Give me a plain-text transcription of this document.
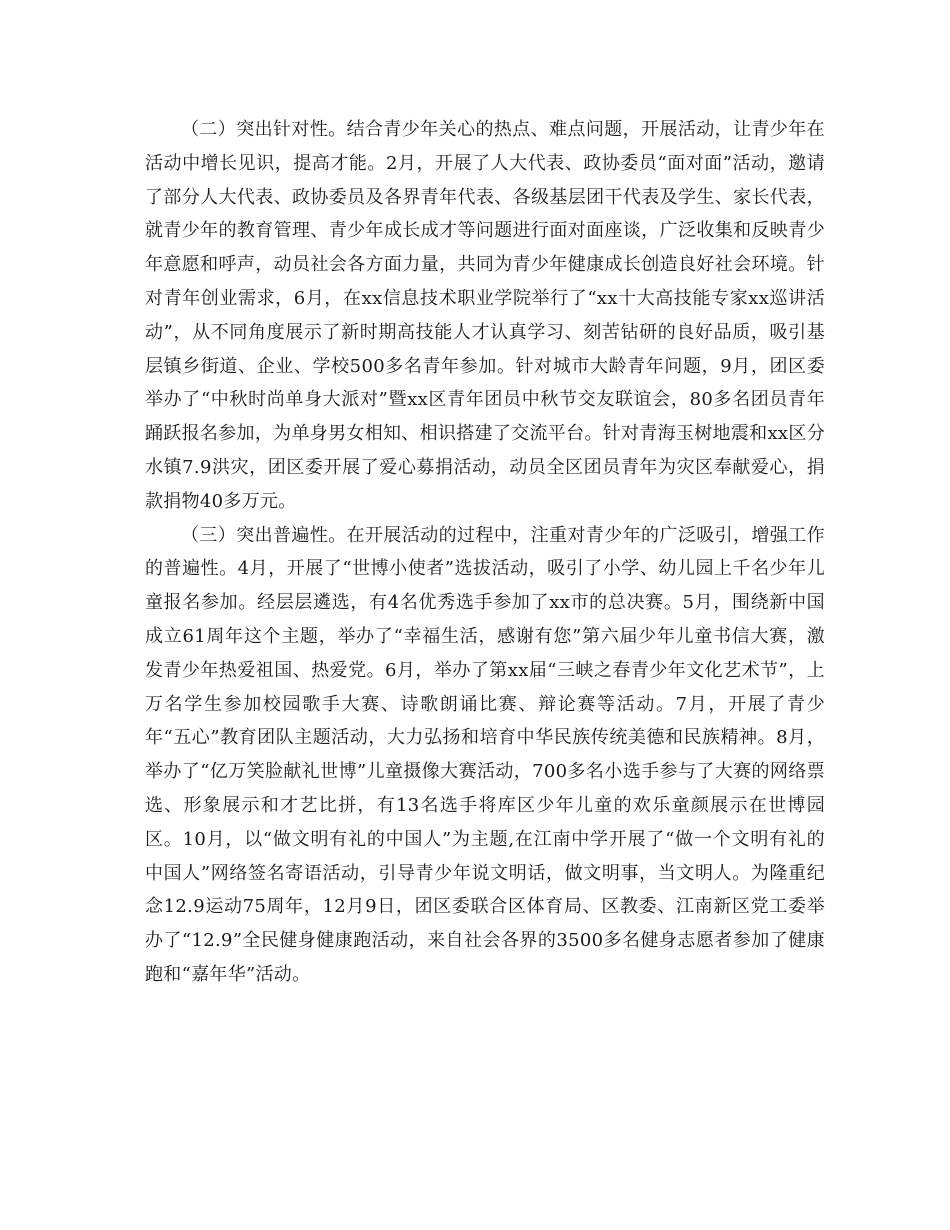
（二）突出针对性。结合青少年关心的热点、难点问题，开展活动，让青少年在活动中增长见识，提高才能。2月，开展了人大代表、政协委员“面对面”活动，邀请了部分人大代表、政协委员及各界青年代表、各级基层团干代表及学生、家长代表，就青少年的教育管理、青少年成长成才等问题进行面对面座谈，广泛收集和反映青少年意愿和呼声，动员社会各方面力量，共同为青少年健康成长创造良好社会环境。针对青年创业需求，6月，在xx信息技术职业学院举行了“xx十大高技能专家xx巡讲活动”，从不同角度展示了新时期高技能人才认真学习、刻苦钻研的良好品质，吸引基层镇乡街道、企业、学校500多名青年参加。针对城市大龄青年问题，9月，团区委举办了“中秋时尚单身大派对”暨xx区青年团员中秋节交友联谊会，80多名团员青年踊跃报名参加，为单身男女相知、相识搭建了交流平台。针对青海玉树地震和xx区分水镇7.9洪灾，团区委开展了爱心募捐活动，动员全区团员青年为灾区奉献爱心，捐款捐物40多万元。

（三）突出普遍性。在开展活动的过程中，注重对青少年的广泛吸引，增强工作的普遍性。4月，开展了“世博小使者”选拔活动，吸引了小学、幼儿园上千名少年儿童报名参加。经层层遴选，有4名优秀选手参加了xx市的总决赛。5月，围绕新中国成立61周年这个主题，举办了“幸福生活，感谢有您”第六届少年儿童书信大赛，激发青少年热爱祖国、热爱党。6月，举办了第xx届“三峡之春青少年文化艺术节”，上万名学生参加校园歌手大赛、诗歌朗诵比赛、辩论赛等活动。7月，开展了青少年“五心”教育团队主题活动，大力弘扬和培育中华民族传统美德和民族精神。8月，举办了“亿万笑脸献礼世博”儿童摄像大赛活动，700多名小选手参与了大赛的网络票选、形象展示和才艺比拼，有13名选手将库区少年儿童的欢乐童颜展示在世博园区。10月，以“做文明有礼的中国人”为主题,在江南中学开展了“做一个文明有礼的中国人”网络签名寄语活动，引导青少年说文明话，做文明事，当文明人。为隆重纪念12.9运动75周年，12月9日，团区委联合区体育局、区教委、江南新区党工委举办了“12.9”全民健身健康跑活动，来自社会各界的3500多名健身志愿者参加了健康跑和“嘉年华”活动。
